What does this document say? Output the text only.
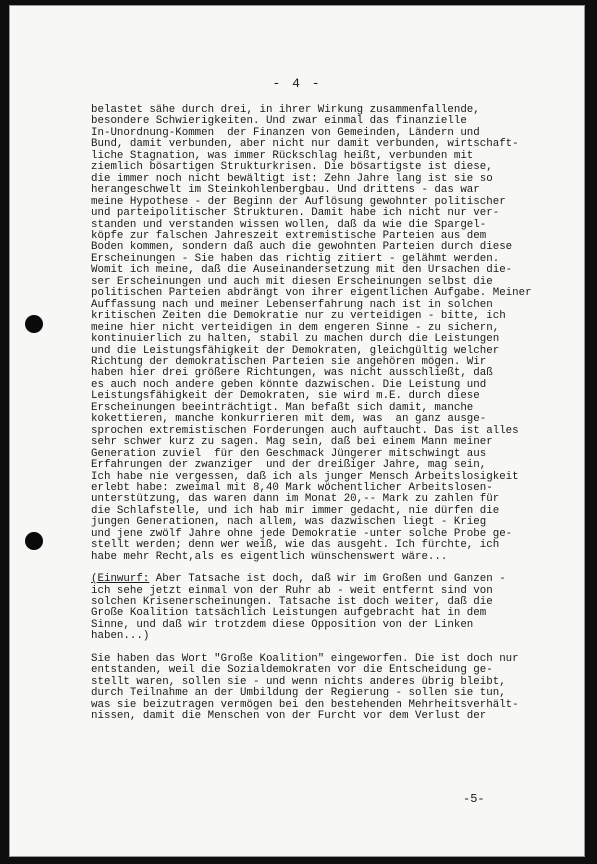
- 4 -
belastet sähe durch drei, in ihrer Wirkung zusammenfallende,
besondere Schwierigkeiten. Und zwar einmal das finanzielle
In-Unordnung-Kommen  der Finanzen von Gemeinden, Ländern und
Bund, damit verbunden, aber nicht nur damit verbunden, wirtschaft-
liche Stagnation, was immer Rückschlag heißt, verbunden mit
ziemlich bösartigen Strukturkrisen. Die bösartigste ist diese,
die immer noch nicht bewältigt ist: Zehn Jahre lang ist sie so
herangeschwelt im Steinkohlenbergbau. Und drittens - das war
meine Hypothese - der Beginn der Auflösung gewohnter politischer
und parteipolitischer Strukturen. Damit habe ich nicht nur ver-
standen und verstanden wissen wollen, daß da wie die Spargel-
köpfe zur falschen Jahreszeit extremistische Parteien aus dem
Boden kommen, sondern daß auch die gewohnten Parteien durch diese
Erscheinungen - Sie haben das richtig zitiert - gelähmt werden.
Womit ich meine, daß die Auseinandersetzung mit den Ursachen die-
ser Erscheinungen und auch mit diesen Erscheinungen selbst die
politischen Parteien abdrängt von ihrer eigentlichen Aufgabe. Meiner
Auffassung nach und meiner Lebenserfahrung nach ist in solchen
kritischen Zeiten die Demokratie nur zu verteidigen - bitte, ich
meine hier nicht verteidigen in dem engeren Sinne - zu sichern,
kontinuierlich zu halten, stabil zu machen durch die Leistungen
und die Leistungsfähigkeit der Demokraten, gleichgültig welcher
Richtung der demokratischen Parteien sie angehören mögen. Wir
haben hier drei größere Richtungen, was nicht ausschließt, daß
es auch noch andere geben könnte dazwischen. Die Leistung und
Leistungsfähigkeit der Demokraten, sie wird m.E. durch diese
Erscheinungen beeinträchtigt. Man befaßt sich damit, manche
kokettieren, manche konkurrieren mit dem, was  an ganz ausge-
sprochen extremistischen Forderungen auch auftaucht. Das ist alles
sehr schwer kurz zu sagen. Mag sein, daß bei einem Mann meiner
Generation zuviel  für den Geschmack Jüngerer mitschwingt aus
Erfahrungen der zwanziger  und der dreißiger Jahre, mag sein,
Ich habe nie vergessen, daß ich als junger Mensch Arbeitslosigkeit
erlebt habe: zweimal mit 8,40 Mark wöchentlicher Arbeitslosen-
unterstützung, das waren dann im Monat 20,-- Mark zu zahlen für
die Schlafstelle, und ich hab mir immer gedacht, nie dürfen die
jungen Generationen, nach allem, was dazwischen liegt - Krieg
und jene zwölf Jahre ohne jede Demokratie -unter solche Probe ge-
stellt werden; denn wer weiß, wie das ausgeht. Ich fürchte, ich
habe mehr Recht,als es eigentlich wünschenswert wäre...
(Einwurf: Aber Tatsache ist doch, daß wir im Großen und Ganzen -
ich sehe jetzt einmal von der Ruhr ab - weit entfernt sind von
solchen Krisenerscheinungen. Tatsache ist doch weiter, daß die
Große Koalition tatsächlich Leistungen aufgebracht hat in dem
Sinne, und daß wir trotzdem diese Opposition von der Linken
haben...)
Sie haben das Wort "Große Koalition" eingeworfen. Die ist doch nur
entstanden, weil die Sozialdemokraten vor die Entscheidung ge-
stellt waren, sollen sie - und wenn nichts anderes übrig bleibt,
durch Teilnahme an der Umbildung der Regierung - sollen sie tun,
was sie beizutragen vermögen bei den bestehenden Mehrheitsverhält-
nissen, damit die Menschen von der Furcht vor dem Verlust der
-5-
